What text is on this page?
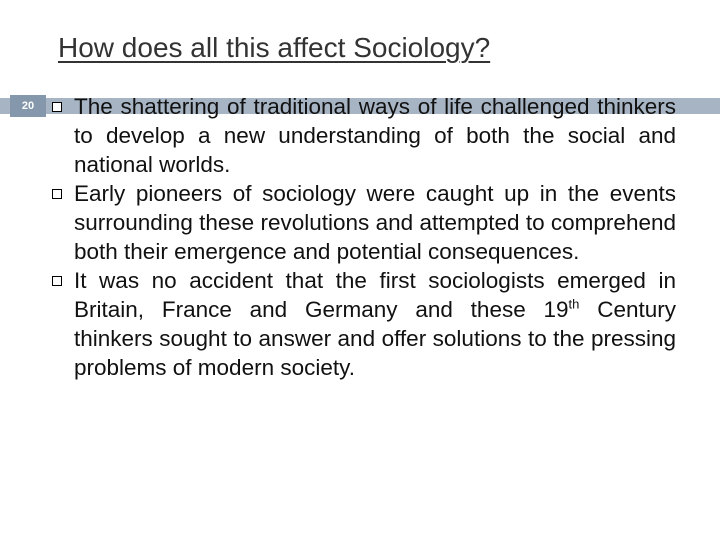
How does all this affect Sociology?
20	The shattering of traditional ways of life challenged thinkers to develop a new understanding of both the social and national worlds.
Early pioneers of sociology were caught up in the events surrounding these revolutions and attempted to comprehend both their emergence and potential consequences.
It was no accident that the first sociologists emerged in Britain, France and Germany and these 19th Century thinkers sought to answer and offer solutions to the pressing problems of modern society.
